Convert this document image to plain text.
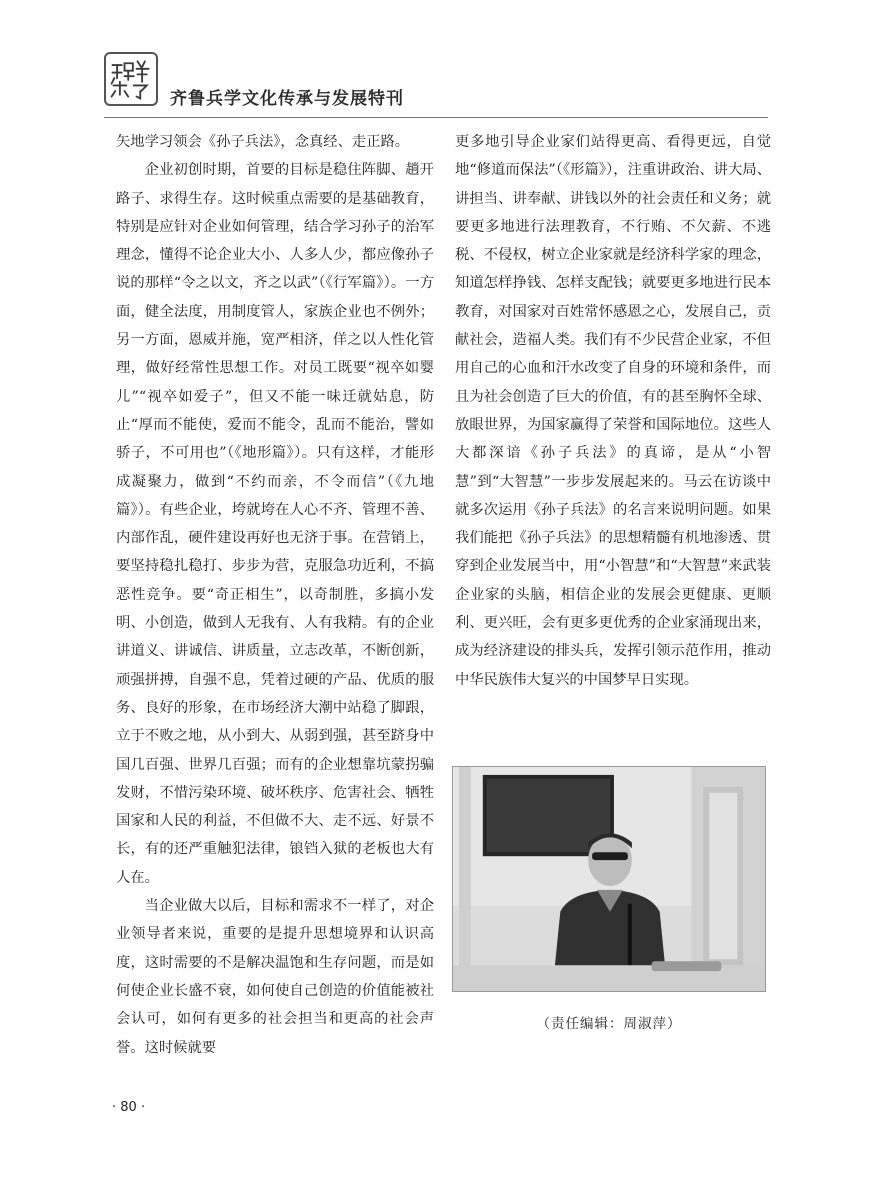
齐鲁兵学文化传承与发展特刊

矢地学习领会《孙子兵法》，念真经、走正路。

企业初创时期，首要的目标是稳住阵脚、趟开路子、求得生存。这时候重点需要的是基础教育，特别是应针对企业如何管理，结合学习孙子的治军理念，懂得不论企业大小、人多人少，都应像孙子说的那样“令之以文，齐之以武”（《行军篇》）。一方面，健全法度，用制度管人，家族企业也不例外；另一方面，恩威并施，宽严相济，佯之以人性化管理，做好经常性思想工作。对员工既要“视卒如婴儿”“视卒如爱子”，但又不能一味迁就姑息，防止“厚而不能使，爱而不能令，乱而不能治，譬如骄子，不可用也”（《地形篇》）。只有这样，才能形成凝聚力，做到“不约而亲，不令而信”（《九地篇》）。有些企业，垮就垮在人心不齐、管理不善、内部作乱，硬件建设再好也无济于事。在营销上，要坚持稳扎稳打、步步为营，克服急功近利，不搞恶性竞争。要“奇正相生”，以奇制胜，多搞小发明、小创造，做到人无我有、人有我精。有的企业讲道义、讲诚信、讲质量，立志改革，不断创新，顽强拼搏，自强不息，凭着过硬的产品、优质的服务、良好的形象，在市场经济大潮中站稳了脚跟，立于不败之地，从小到大、从弱到强，甚至跻身中国几百强、世界几百强；而有的企业想靠坑蒙拐骗发财，不惜污染环境、破坏秩序、危害社会、牺牲国家和人民的利益，不但做不大、走不远、好景不长，有的还严重触犯法律，锒铛入狱的老板也大有人在。

当企业做大以后，目标和需求不一样了，对企业领导者来说，重要的是提升思想境界和认识高度，这时需要的不是解决温饱和生存问题，而是如何使企业长盛不衰，如何使自己创造的价值能被社会认可，如何有更多的社会担当和更高的社会声誉。这时候就要

更多地引导企业家们站得更高、看得更远，自觉地“修道而保法”（《形篇》），注重讲政治、讲大局、讲担当、讲奉献、讲钱以外的社会责任和义务；就要更多地进行法理教育，不行贿、不欠薪、不逃税、不侵权，树立企业家就是经济科学家的理念，知道怎样挣钱、怎样支配钱；就要更多地进行民本教育，对国家对百姓常怀感恩之心，发展自己，贡献社会，造福人类。我们有不少民营企业家，不但用自己的心血和汗水改变了自身的环境和条件，而且为社会创造了巨大的价值，有的甚至胸怀全球、放眼世界，为国家赢得了荣誉和国际地位。这些人大都深谙《孙子兵法》的真谛，是从“小智慧”到“大智慧”一步步发展起来的。马云在访谈中就多次运用《孙子兵法》的名言来说明问题。如果我们能把《孙子兵法》的思想精髓有机地渗透、贯穿到企业发展当中，用“小智慧”和“大智慧”来武装企业家的头脑，相信企业的发展会更健康、更顺利、更兴旺，会有更多更优秀的企业家涌现出来，成为经济建设的排头兵，发挥引领示范作用，推动中华民族伟大复兴的中国梦早日实现。

（责任编辑：周淑萍）
· 80 ·
